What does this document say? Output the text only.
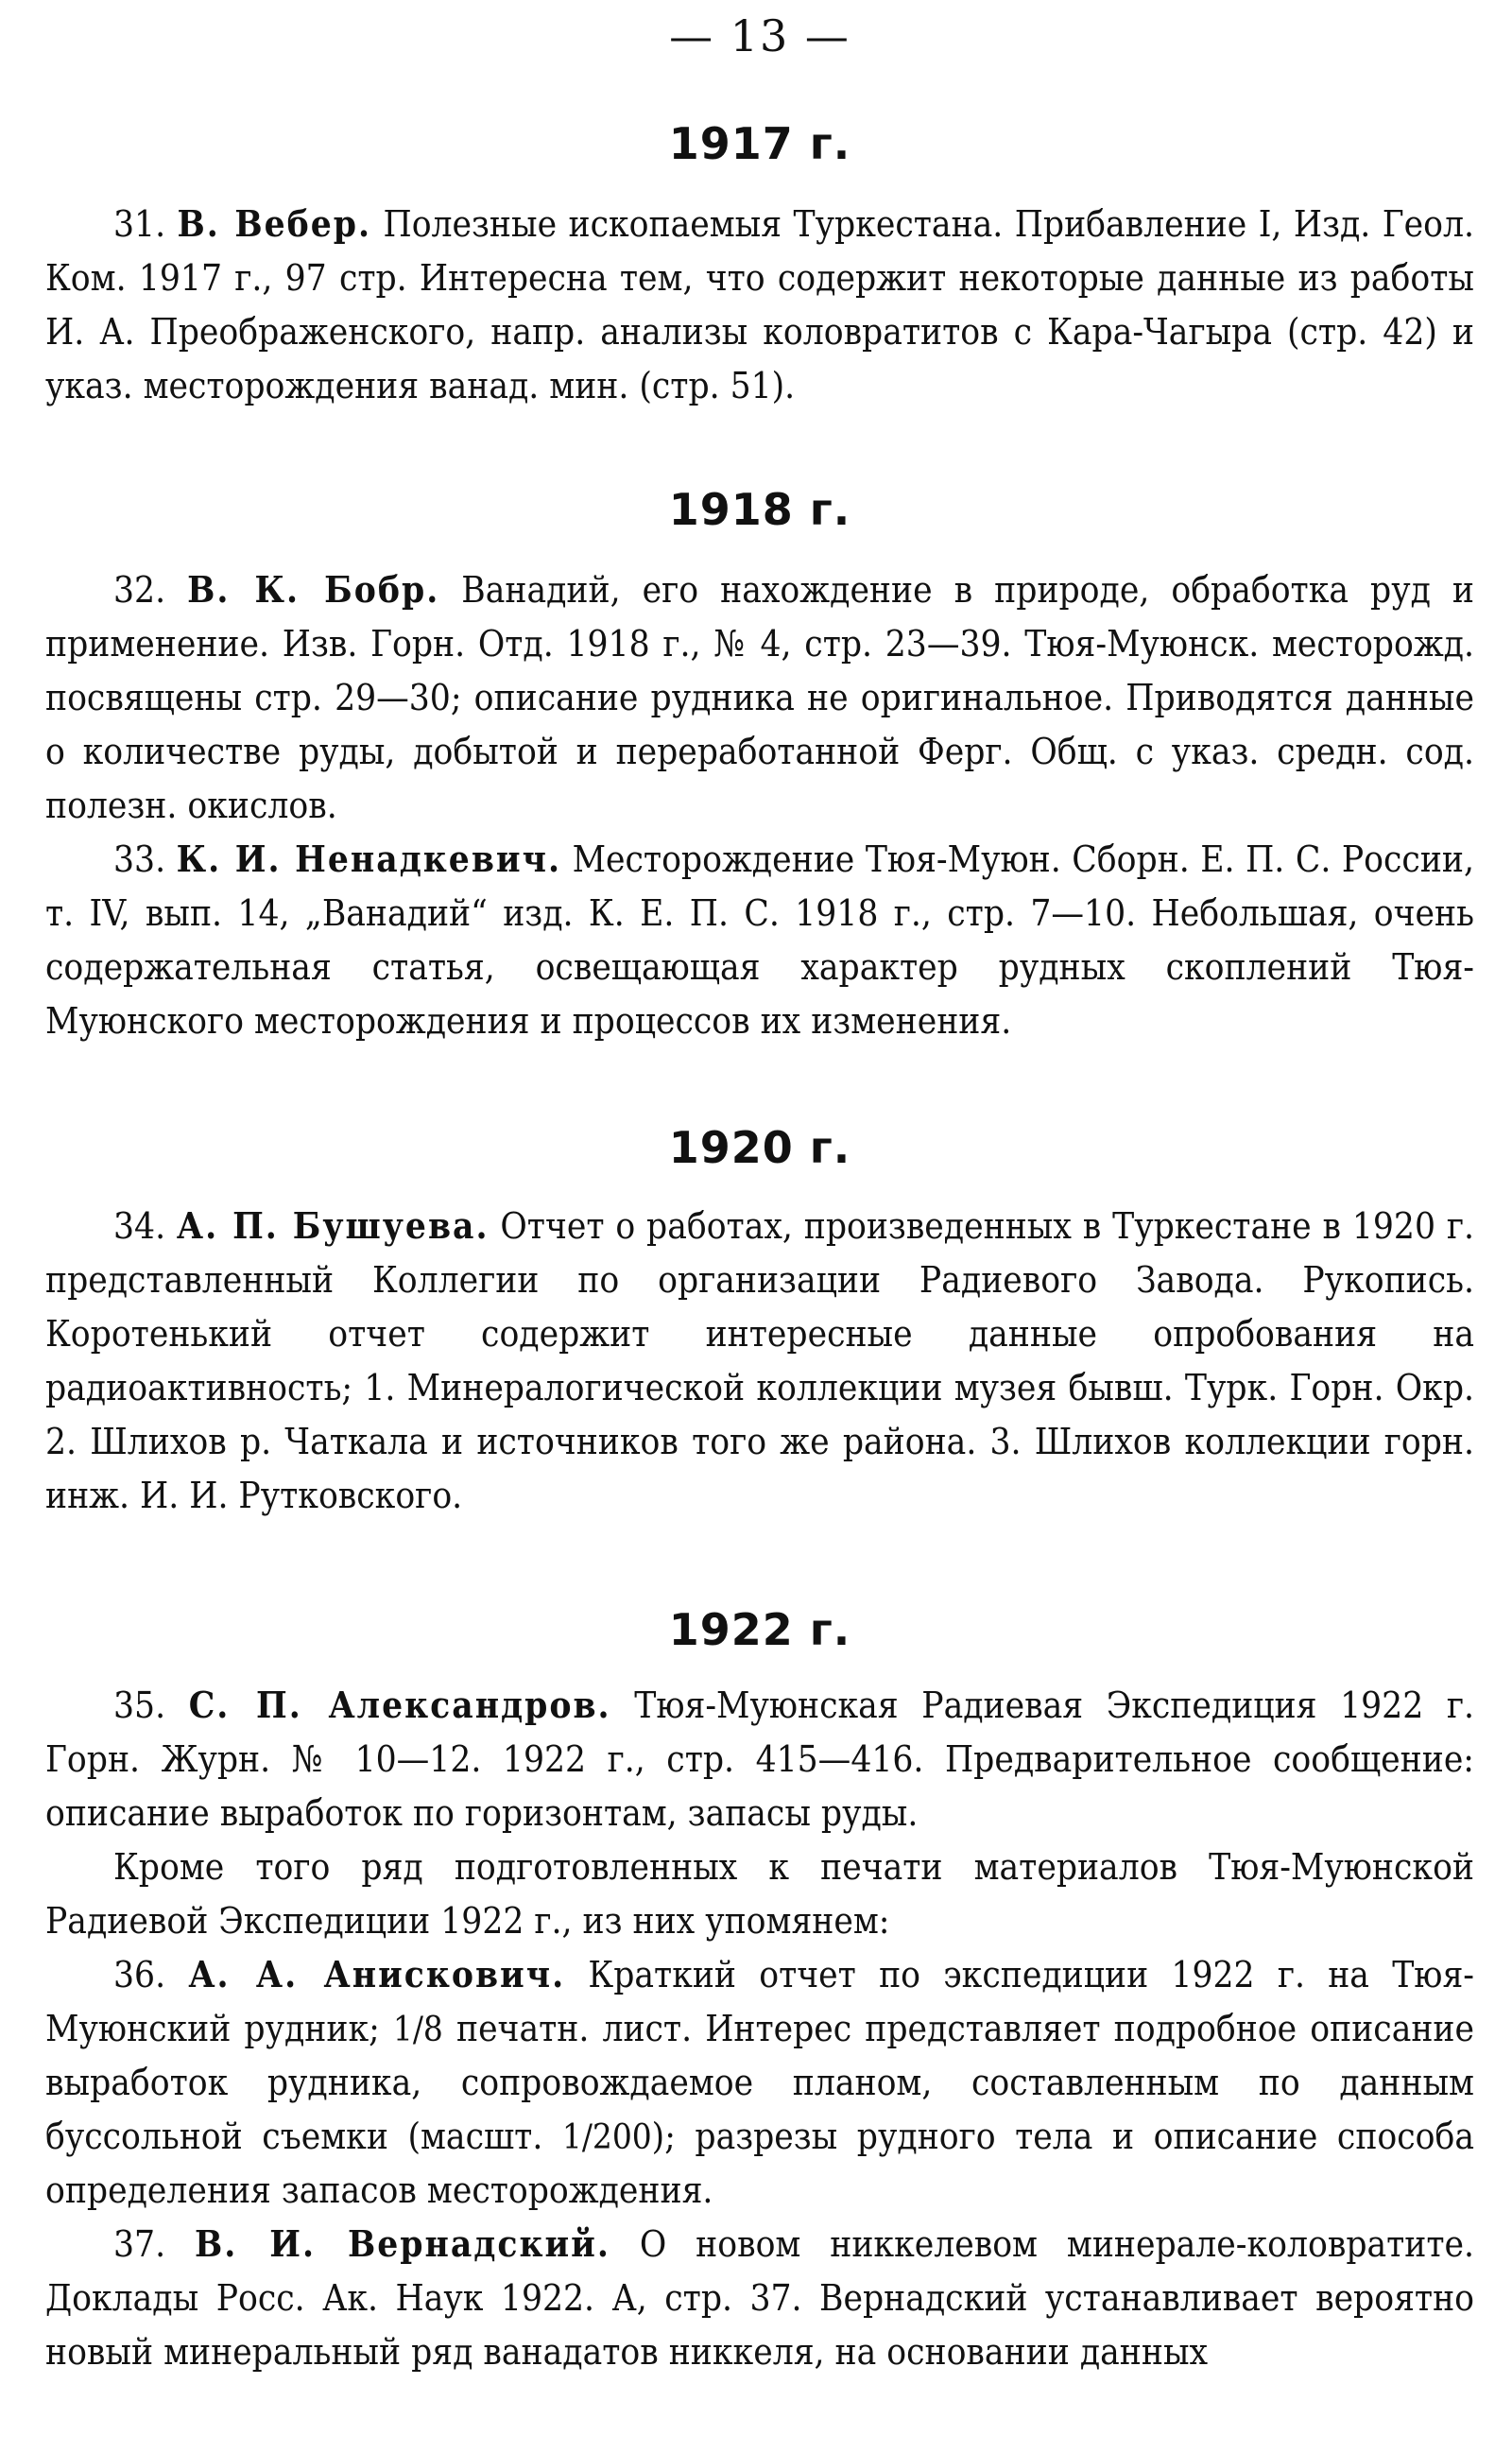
— 13 —
1917 г.

31. В. Вебер. Полезные ископаемыя Туркестана. Прибавление I, Изд. Геол. Ком. 1917 г., 97 стр. Интересна тем, что содержит некоторые данные из работы И. А. Преображенского, напр. анализы коловратитов с Кара-Чагыра (стр. 42) и указ. месторождения ванад. мин. (стр. 51).

1918 г.

32. В. К. Бобр. Ванадий, его нахождение в природе, обработка руд и применение. Изв. Горн. Отд. 1918 г., № 4, стр. 23—39. Тюя-Муюнск. месторожд. посвящены стр. 29—30; описание рудника не оригинальное. Приводятся данные о количестве руды, добытой и переработанной Ферг. Общ. с указ. средн. сод. полезн. окислов.

33. К. И. Ненадкевич. Месторождение Тюя-Муюн. Сборн. Е. П. С. России, т. IV, вып. 14, „Ванадий“ изд. К. Е. П. С. 1918 г., стр. 7—10. Небольшая, очень содержательная статья, освещающая характер рудных скоплений Тюя-Муюнского месторождения и процессов их изменения.

1920 г.

34. А. П. Бушуева. Отчет о работах, произведенных в Туркестане в 1920 г. представленный Коллегии по организации Радиевого Завода. Рукопись. Коротенький отчет содержит интересные данные опробования на радиоактивность; 1. Минералогической коллекции музея бывш. Турк. Горн. Окр. 2. Шлихов р. Чаткала и источников того же района. 3. Шлихов коллекции горн. инж. И. И. Рутковского.

1922 г.

35. С. П. Александров. Тюя-Муюнская Радиевая Экспедиция 1922 г. Горн. Журн. № 10—12. 1922 г., стр. 415—416. Предварительное сообщение: описание выработок по горизонтам, запасы руды.

Кроме того ряд подготовленных к печати материалов Тюя-Муюнской Радиевой Экспедиции 1922 г., из них упомянем:

36. А. А. Анискович. Краткий отчет по экспедиции 1922 г. на Тюя-Муюнский рудник; 1/8 печатн. лист. Интерес представляет подробное описание выработок рудника, сопровождаемое планом, составленным по данным буссольной съемки (масшт. 1/200); разрезы рудного тела и описание способа определения запасов месторождения.

37. В. И. Вернадский. О новом никкелевом минерале-коловратите. Доклады Росс. Ак. Наук 1922. А, стр. 37. Вернадский устанавливает вероятно новый минеральный ряд ванадатов никкеля, на основании данных
